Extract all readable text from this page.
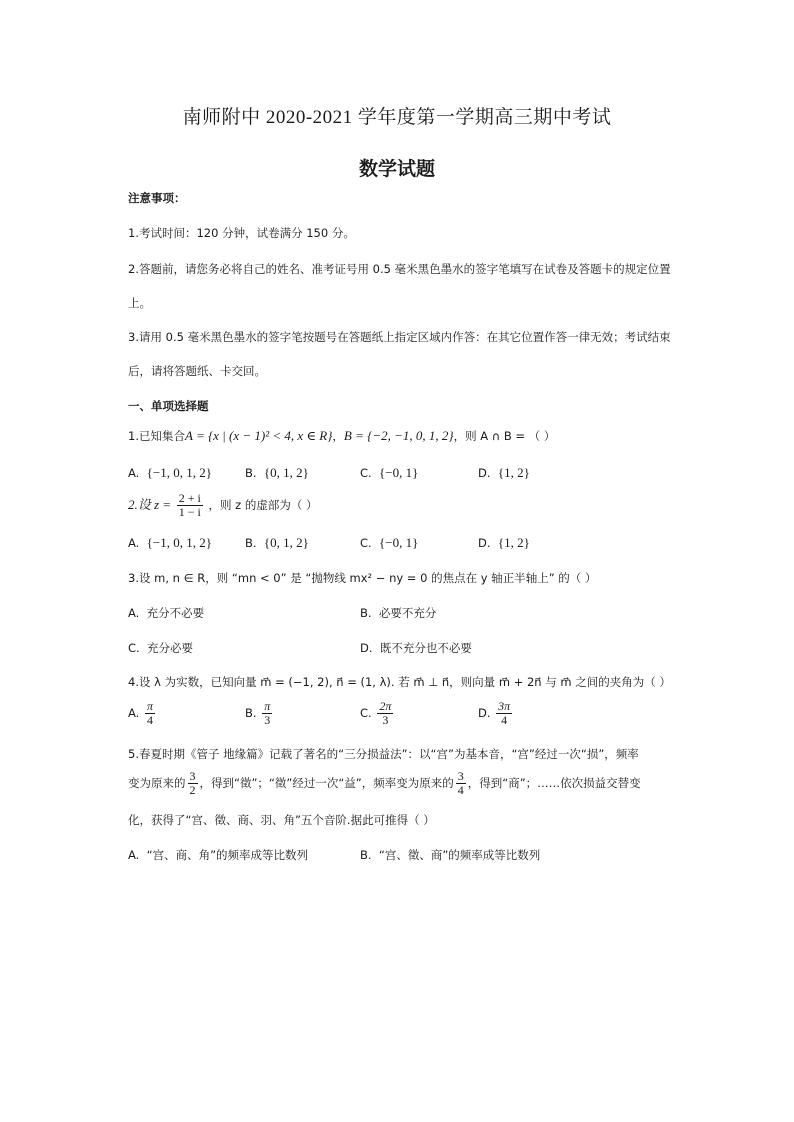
南师附中 2020-2021 学年度第一学期高三期中考试
数学试题
注意事项：
1.考试时间：120 分钟，试卷满分 150 分。
2.答题前，请您务必将自己的姓名、准考证号用 0.5 毫米黑色墨水的签字笔填写在试卷及答题卡的规定位置
上。
3.请用 0.5 毫米黑色墨水的签字笔按题号在答题纸上指定区域内作答：在其它位置作答一律无效；考试结束
后，请将答题纸、卡交回。
一、单项选择题
1.已知集合A = {x | (x − 1)² < 4, x ∈ R}，B = {−2, −1, 0, 1, 2}，则 A ∩ B = （ ）
A. {−1, 0, 1, 2}	B. {0, 1, 2}	C. {−0, 1}	D. {1, 2}
2.设 $z = \frac{2 + i}{1 - i}$ ，则 z 的虚部为（ ）
A. {−1, 0, 1, 2}	B. {0, 1, 2}	C. {−0, 1}	D. {1, 2}
3.设 m, n ∈ R，则 “mn < 0” 是 “抛物线 mx² − ny = 0 的焦点在 y 轴正半轴上” 的（ ）
A. 充分不必要	B. 必要不充分
C. 充分必要	D. 既不充分也不必要
4.设 λ 为实数，已知向量 m⃗ = (−1, 2), n⃗ = (1, λ). 若 m⃗ ⊥ n⃗，则向量 m⃗ + 2n⃗ 与 m⃗ 之间的夹角为（ ）
A. $\frac{\pi}{4}$	B. $\frac{\pi}{3}$	C. $\frac{2\pi}{3}$	D. $\frac{3\pi}{4}$
5.春夏时期《管子 地缘篇》记载了著名的“三分损益法”：以“宫”为基本音，“宫”经过一次“损”，频率
变为原来的 $\frac{3}{2}$ ，得到“徵”；“徵”经过一次“益”，频率变为原来的 $\frac{3}{4}$ ，得到“商”；……依次损益交替变
化，获得了“宫、徵、商、羽、角”五个音阶.据此可推得（ ）
A. “宫、商、角”的频率成等比数列	B. “宫、徵、商”的频率成等比数列
